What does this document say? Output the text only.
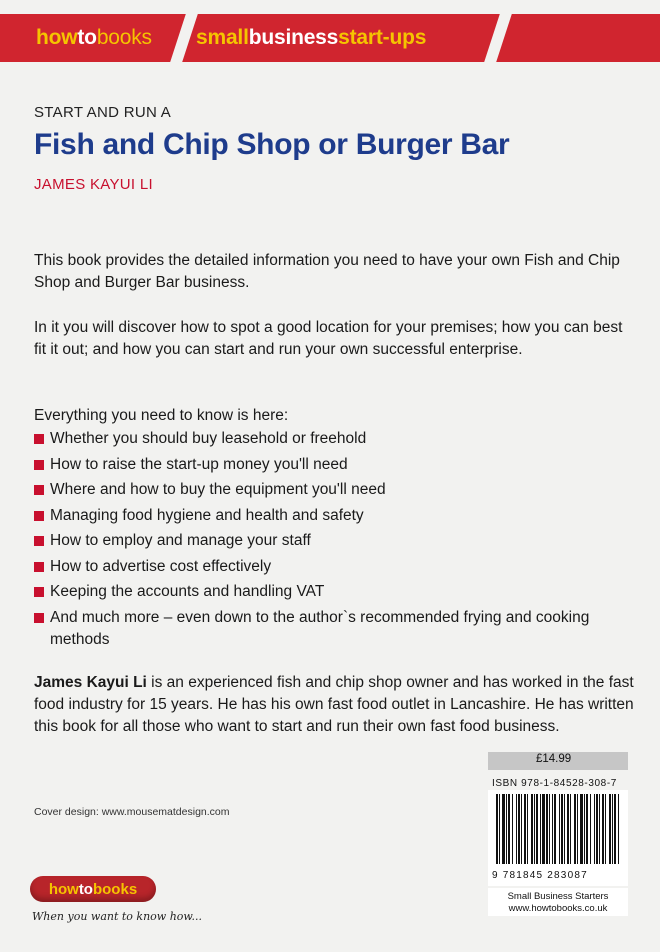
howtobooks smallbusinessstart-ups
START AND RUN A
Fish and Chip Shop or Burger Bar
JAMES KAYUI LI
This book provides the detailed information you need to have your own Fish and Chip Shop and Burger Bar business.
In it you will discover how to spot a good location for your premises; how you can best fit it out; and how you can start and run your own successful enterprise.
Everything you need to know is here:
Whether you should buy leasehold or freehold
How to raise the start-up money you'll need
Where and how to buy the equipment you'll need
Managing food hygiene and health and safety
How to employ and manage your staff
How to advertise cost effectively
Keeping the accounts and handling VAT
And much more – even down to the author`s recommended frying and cooking methods
James Kayui Li is an experienced fish and chip shop owner and has worked in the fast food industry for 15 years. He has his own fast food outlet in Lancashire. He has written this book for all those who want to start and run their own fast food business.
Cover design: www.mousematdesign.com
howtobooks
When you want to know how...
£14.99
ISBN 978-1-84528-308-7
9 781845 283087
Small Business Starters
www.howtobooks.co.uk
